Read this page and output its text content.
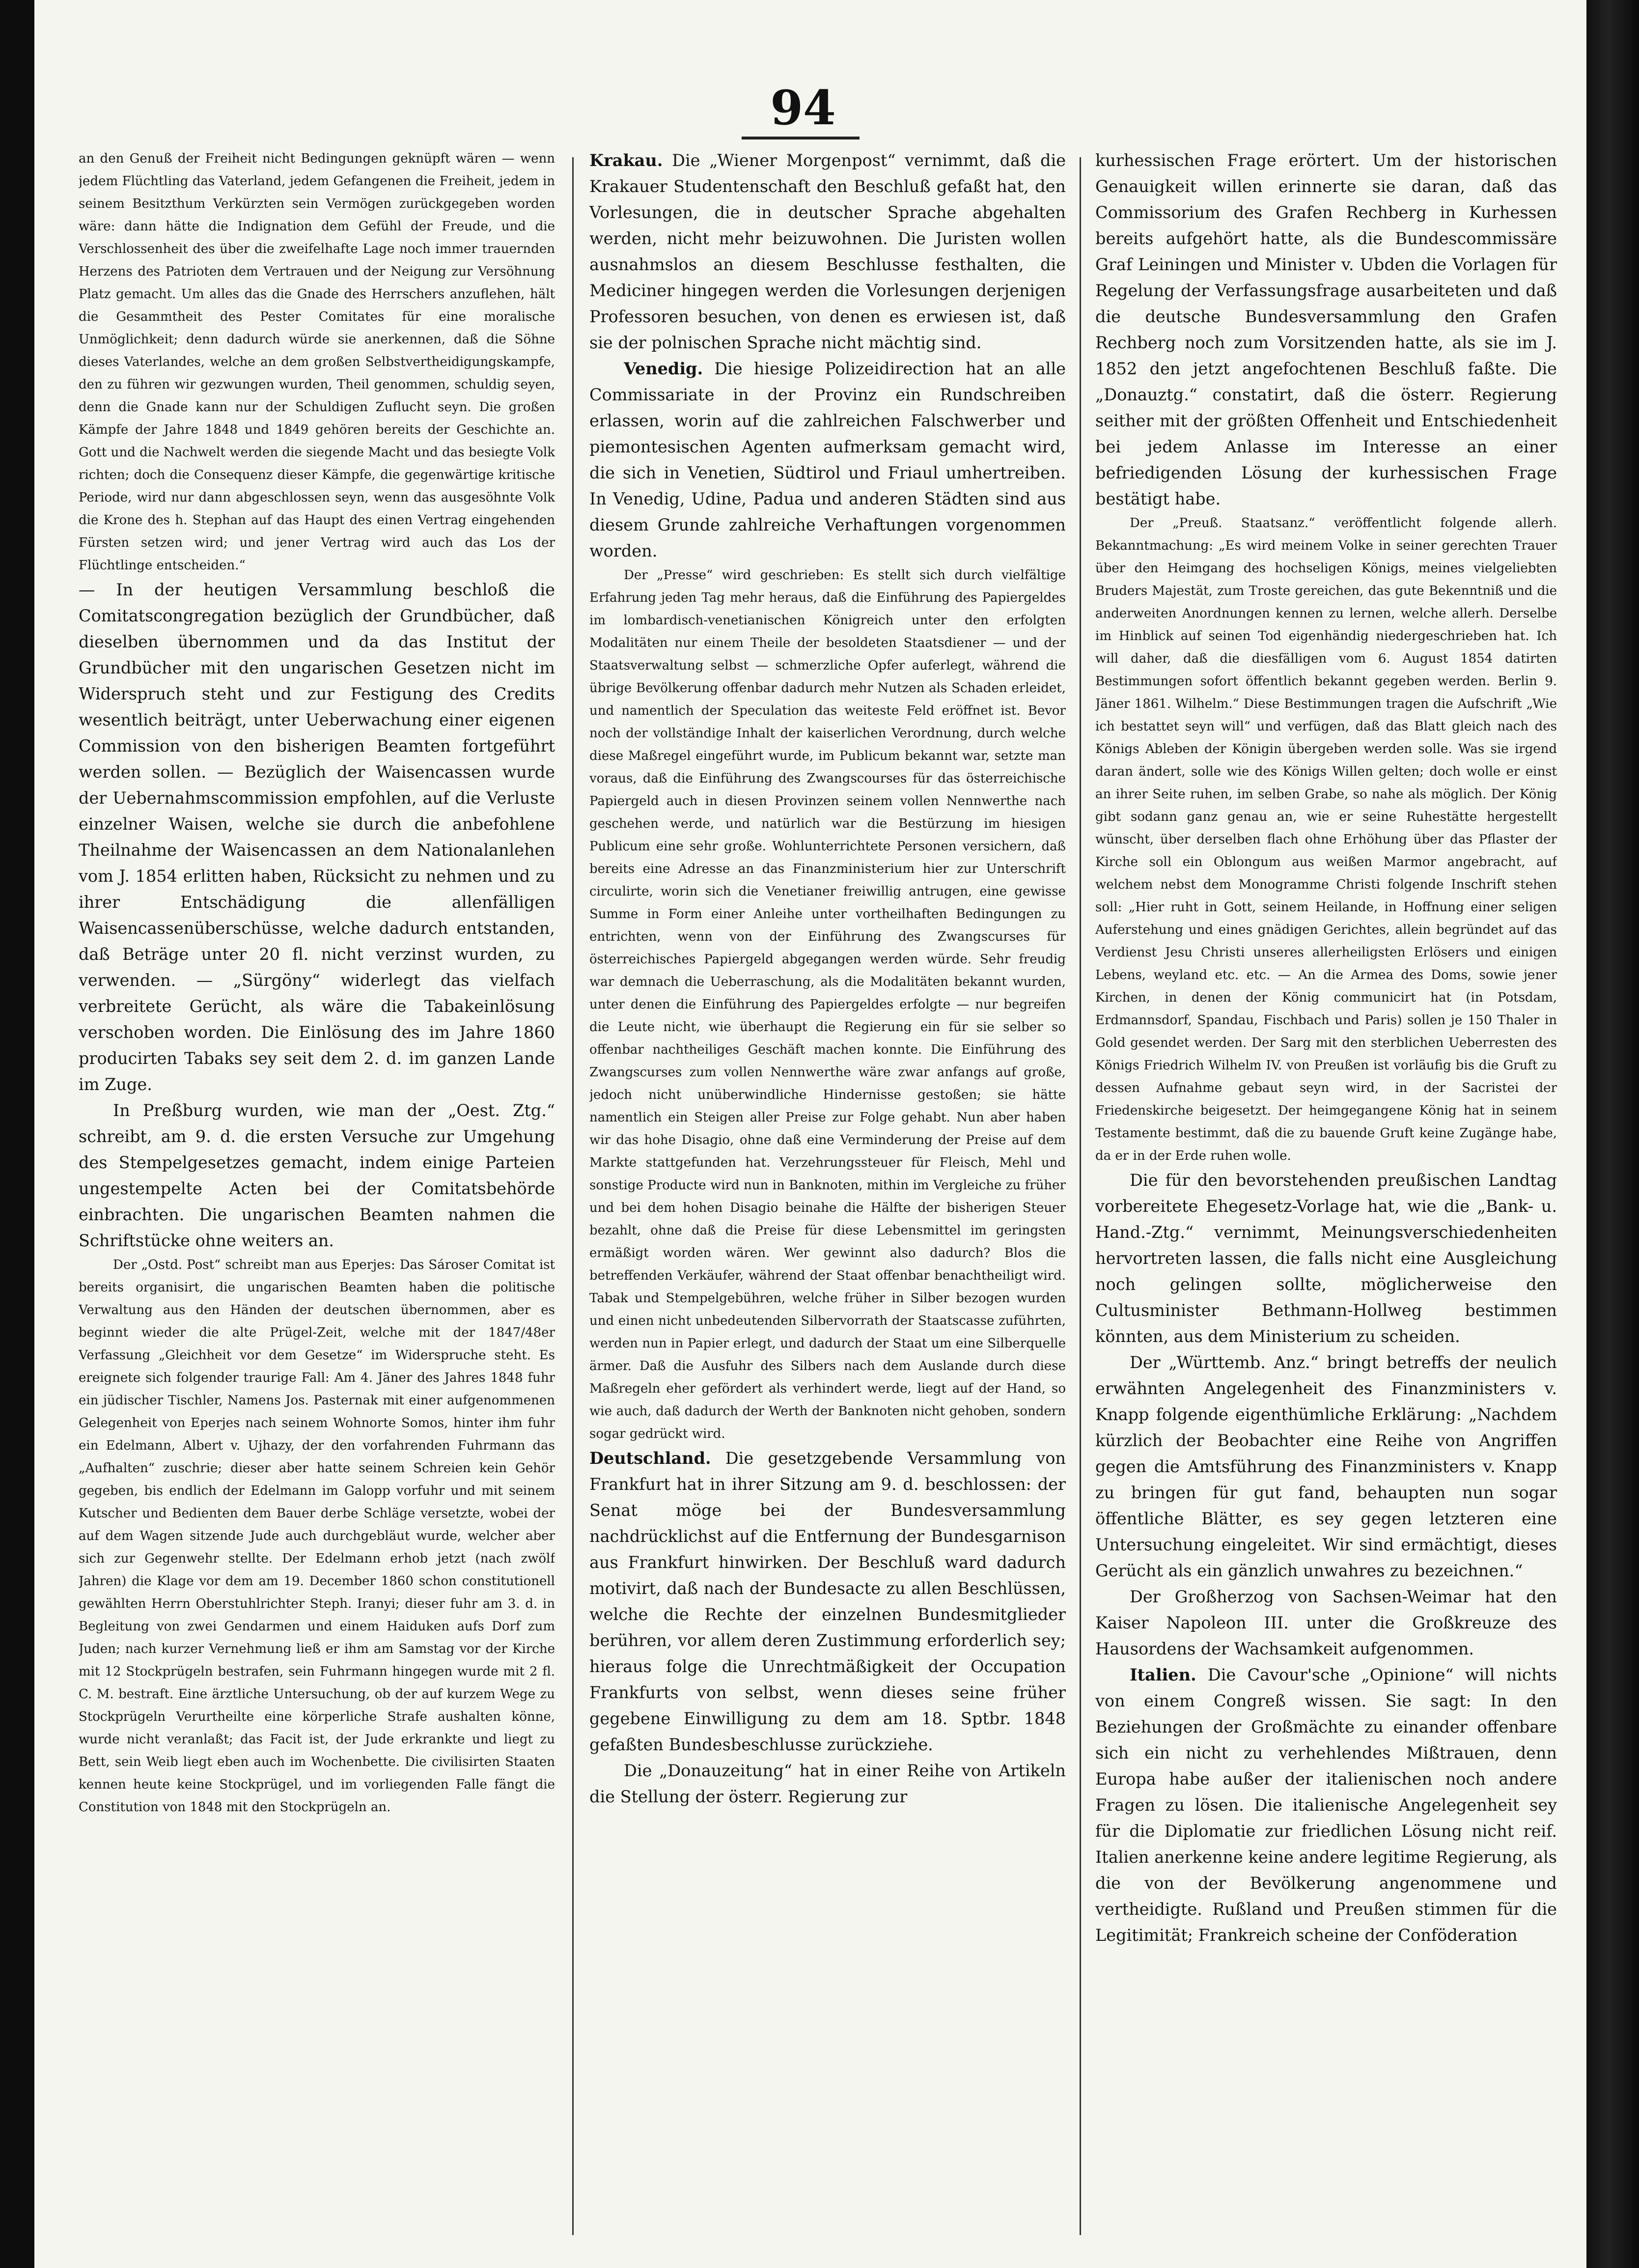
94

an den Genuß der Freiheit nicht Bedingungen geknüpft wären — wenn jedem Flüchtling das Vaterland, jedem Gefangenen die Freiheit, jedem in seinem Besitzthum Verkürzten sein Vermögen zurückgegeben worden wäre: dann hätte die Indignation dem Gefühl der Freude, und die Verschlossenheit des über die zweifelhafte Lage noch immer trauernden Herzens des Patrioten dem Vertrauen und der Neigung zur Versöhnung Platz gemacht. Um alles das die Gnade des Herrschers anzuflehen, hält die Gesammtheit des Pester Comitates für eine moralische Unmöglichkeit; denn dadurch würde sie anerkennen, daß die Söhne dieses Vaterlandes, welche an dem großen Selbstvertheidigungskampfe, den zu führen wir gezwungen wurden, Theil genommen, schuldig seyen, denn die Gnade kann nur der Schuldigen Zuflucht seyn. Die großen Kämpfe der Jahre 1848 und 1849 gehören bereits der Geschichte an. Gott und die Nachwelt werden die siegende Macht und das besiegte Volk richten; doch die Consequenz dieser Kämpfe, die gegenwärtige kritische Periode, wird nur dann abgeschlossen seyn, wenn das ausgesöhnte Volk die Krone des h. Stephan auf das Haupt des einen Vertrag eingehenden Fürsten setzen wird; und jener Vertrag wird auch das Los der Flüchtlinge entscheiden.“

— In der heutigen Versammlung beschloß die Comitatscongregation bezüglich der Grundbücher, daß dieselben übernommen und da das Institut der Grundbücher mit den ungarischen Gesetzen nicht im Widerspruch steht und zur Festigung des Credits wesentlich beiträgt, unter Ueberwachung einer eigenen Commission von den bisherigen Beamten fortgeführt werden sollen. — Bezüglich der Waisencassen wurde der Uebernahmscommission empfohlen, auf die Verluste einzelner Waisen, welche sie durch die anbefohlene Theilnahme der Waisencassen an dem Nationalanlehen vom J. 1854 erlitten haben, Rücksicht zu nehmen und zu ihrer Entschädigung die allenfälligen Waisencassenüberschüsse, welche dadurch entstanden, daß Beträge unter 20 fl. nicht verzinst wurden, zu verwenden. — „Sürgöny“ widerlegt das vielfach verbreitete Gerücht, als wäre die Tabakeinlösung verschoben worden. Die Einlösung des im Jahre 1860 producirten Tabaks sey seit dem 2. d. im ganzen Lande im Zuge.

In Preßburg wurden, wie man der „Oest. Ztg.“ schreibt, am 9. d. die ersten Versuche zur Umgehung des Stempelgesetzes gemacht, indem einige Parteien ungestempelte Acten bei der Comitatsbehörde einbrachten. Die ungarischen Beamten nahmen die Schriftstücke ohne weiters an.

Der „Ostd. Post“ schreibt man aus Eperjes: Das Sároser Comitat ist bereits organisirt, die ungarischen Beamten haben die politische Verwaltung aus den Händen der deutschen übernommen, aber es beginnt wieder die alte Prügel-Zeit, welche mit der 1847/48er Verfassung „Gleichheit vor dem Gesetze“ im Widerspruche steht. Es ereignete sich folgender traurige Fall: Am 4. Jäner des Jahres 1848 fuhr ein jüdischer Tischler, Namens Jos. Pasternak mit einer aufgenommenen Gelegenheit von Eperjes nach seinem Wohnorte Somos, hinter ihm fuhr ein Edelmann, Albert v. Ujhazy, der den vorfahrenden Fuhrmann das „Aufhalten“ zuschrie; dieser aber hatte seinem Schreien kein Gehör gegeben, bis endlich der Edelmann im Galopp vorfuhr und mit seinem Kutscher und Bedienten dem Bauer derbe Schläge versetzte, wobei der auf dem Wagen sitzende Jude auch durchgebläut wurde, welcher aber sich zur Gegenwehr stellte. Der Edelmann erhob jetzt (nach zwölf Jahren) die Klage vor dem am 19. December 1860 schon constitutionell gewählten Herrn Oberstuhlrichter Steph. Iranyi; dieser fuhr am 3. d. in Begleitung von zwei Gendarmen und einem Haiduken aufs Dorf zum Juden; nach kurzer Vernehmung ließ er ihm am Samstag vor der Kirche mit 12 Stockprügeln bestrafen, sein Fuhrmann hingegen wurde mit 2 fl. C. M. bestraft. Eine ärztliche Untersuchung, ob der auf kurzem Wege zu Stockprügeln Verurtheilte eine körperliche Strafe aushalten könne, wurde nicht veranlaßt; das Facit ist, der Jude erkrankte und liegt zu Bett, sein Weib liegt eben auch im Wochenbette. Die civilisirten Staaten kennen heute keine Stockprügel, und im vorliegenden Falle fängt die Constitution von 1848 mit den Stockprügeln an.

Krakau. Die „Wiener Morgenpost“ vernimmt, daß die Krakauer Studentenschaft den Beschluß gefaßt hat, den Vorlesungen, die in deutscher Sprache abgehalten werden, nicht mehr beizuwohnen. Die Juristen wollen ausnahmslos an diesem Beschlusse festhalten, die Mediciner hingegen werden die Vorlesungen derjenigen Professoren besuchen, von denen es erwiesen ist, daß sie der polnischen Sprache nicht mächtig sind.

Venedig. Die hiesige Polizeidirection hat an alle Commissariate in der Provinz ein Rundschreiben erlassen, worin auf die zahlreichen Falschwerber und piemontesischen Agenten aufmerksam gemacht wird, die sich in Venetien, Südtirol und Friaul umhertreiben. In Venedig, Udine, Padua und anderen Städten sind aus diesem Grunde zahlreiche Verhaftungen vorgenommen worden.

Der „Presse“ wird geschrieben: Es stellt sich durch vielfältige Erfahrung jeden Tag mehr heraus, daß die Einführung des Papiergeldes im lombardisch-venetianischen Königreich unter den erfolgten Modalitäten nur einem Theile der besoldeten Staatsdiener — und der Staatsverwaltung selbst — schmerzliche Opfer auferlegt, während die übrige Bevölkerung offenbar dadurch mehr Nutzen als Schaden erleidet, und namentlich der Speculation das weiteste Feld eröffnet ist. Bevor noch der vollständige Inhalt der kaiserlichen Verordnung, durch welche diese Maßregel eingeführt wurde, im Publicum bekannt war, setzte man voraus, daß die Einführung des Zwangscourses für das österreichische Papiergeld auch in diesen Provinzen seinem vollen Nennwerthe nach geschehen werde, und natürlich war die Bestürzung im hiesigen Publicum eine sehr große. Wohlunterrichtete Personen versichern, daß bereits eine Adresse an das Finanzministerium hier zur Unterschrift circulirte, worin sich die Venetianer freiwillig antrugen, eine gewisse Summe in Form einer Anleihe unter vortheilhaften Bedingungen zu entrichten, wenn von der Einführung des Zwangscurses für österreichisches Papiergeld abgegangen werden würde. Sehr freudig war demnach die Ueberraschung, als die Modalitäten bekannt wurden, unter denen die Einführung des Papiergeldes erfolgte — nur begreifen die Leute nicht, wie überhaupt die Regierung ein für sie selber so offenbar nachtheiliges Geschäft machen konnte. Die Einführung des Zwangscurses zum vollen Nennwerthe wäre zwar anfangs auf große, jedoch nicht unüberwindliche Hindernisse gestoßen; sie hätte namentlich ein Steigen aller Preise zur Folge gehabt. Nun aber haben wir das hohe Disagio, ohne daß eine Verminderung der Preise auf dem Markte stattgefunden hat. Verzehrungssteuer für Fleisch, Mehl und sonstige Producte wird nun in Banknoten, mithin im Vergleiche zu früher und bei dem hohen Disagio beinahe die Hälfte der bisherigen Steuer bezahlt, ohne daß die Preise für diese Lebensmittel im geringsten ermäßigt worden wären. Wer gewinnt also dadurch? Blos die betreffenden Verkäufer, während der Staat offenbar benachtheiligt wird. Tabak und Stempelgebühren, welche früher in Silber bezogen wurden und einen nicht unbedeutenden Silbervorrath der Staatscasse zuführten, werden nun in Papier erlegt, und dadurch der Staat um eine Silberquelle ärmer. Daß die Ausfuhr des Silbers nach dem Auslande durch diese Maßregeln eher gefördert als verhindert werde, liegt auf der Hand, so wie auch, daß dadurch der Werth der Banknoten nicht gehoben, sondern sogar gedrückt wird.

Deutschland. Die gesetzgebende Versammlung von Frankfurt hat in ihrer Sitzung am 9. d. beschlossen: der Senat möge bei der Bundesversammlung nachdrücklichst auf die Entfernung der Bundesgarnison aus Frankfurt hinwirken. Der Beschluß ward dadurch motivirt, daß nach der Bundesacte zu allen Beschlüssen, welche die Rechte der einzelnen Bundesmitglieder berühren, vor allem deren Zustimmung erforderlich sey; hieraus folge die Unrechtmäßigkeit der Occupation Frankfurts von selbst, wenn dieses seine früher gegebene Einwilligung zu dem am 18. Sptbr. 1848 gefaßten Bundesbeschlusse zurückziehe.

Die „Donauzeitung“ hat in einer Reihe von Artikeln die Stellung der österr. Regierung zur

kurhessischen Frage erörtert. Um der historischen Genauigkeit willen erinnerte sie daran, daß das Commissorium des Grafen Rechberg in Kurhessen bereits aufgehört hatte, als die Bundescommissäre Graf Leiningen und Minister v. Ubden die Vorlagen für Regelung der Verfassungsfrage ausarbeiteten und daß die deutsche Bundesversammlung den Grafen Rechberg noch zum Vorsitzenden hatte, als sie im J. 1852 den jetzt angefochtenen Beschluß faßte. Die „Donauztg.“ constatirt, daß die österr. Regierung seither mit der größten Offenheit und Entschiedenheit bei jedem Anlasse im Interesse an einer befriedigenden Lösung der kurhessischen Frage bestätigt habe.

Der „Preuß. Staatsanz.“ veröffentlicht folgende allerh. Bekanntmachung: „Es wird meinem Volke in seiner gerechten Trauer über den Heimgang des hochseligen Königs, meines vielgeliebten Bruders Majestät, zum Troste gereichen, das gute Bekenntniß und die anderweiten Anordnungen kennen zu lernen, welche allerh. Derselbe im Hinblick auf seinen Tod eigenhändig niedergeschrieben hat. Ich will daher, daß die diesfälligen vom 6. August 1854 datirten Bestimmungen sofort öffentlich bekannt gegeben werden. Berlin 9. Jäner 1861. Wilhelm.“ Diese Bestimmungen tragen die Aufschrift „Wie ich bestattet seyn will“ und verfügen, daß das Blatt gleich nach des Königs Ableben der Königin übergeben werden solle. Was sie irgend daran ändert, solle wie des Königs Willen gelten; doch wolle er einst an ihrer Seite ruhen, im selben Grabe, so nahe als möglich. Der König gibt sodann ganz genau an, wie er seine Ruhestätte hergestellt wünscht, über derselben flach ohne Erhöhung über das Pflaster der Kirche soll ein Oblongum aus weißen Marmor angebracht, auf welchem nebst dem Monogramme Christi folgende Inschrift stehen soll: „Hier ruht in Gott, seinem Heilande, in Hoffnung einer seligen Auferstehung und eines gnädigen Gerichtes, allein begründet auf das Verdienst Jesu Christi unseres allerheiligsten Erlösers und einigen Lebens, weyland etc. etc. — An die Armea des Doms, sowie jener Kirchen, in denen der König communicirt hat (in Potsdam, Erdmannsdorf, Spandau, Fischbach und Paris) sollen je 150 Thaler in Gold gesendet werden. Der Sarg mit den sterblichen Ueberresten des Königs Friedrich Wilhelm IV. von Preußen ist vorläufig bis die Gruft zu dessen Aufnahme gebaut seyn wird, in der Sacristei der Friedenskirche beigesetzt. Der heimgegangene König hat in seinem Testamente bestimmt, daß die zu bauende Gruft keine Zugänge habe, da er in der Erde ruhen wolle.

Die für den bevorstehenden preußischen Landtag vorbereitete Ehegesetz-Vorlage hat, wie die „Bank- u. Hand.-Ztg.“ vernimmt, Meinungsverschiedenheiten hervortreten lassen, die falls nicht eine Ausgleichung noch gelingen sollte, möglicherweise den Cultusminister Bethmann-Hollweg bestimmen könnten, aus dem Ministerium zu scheiden.

Der „Württemb. Anz.“ bringt betreffs der neulich erwähnten Angelegenheit des Finanzministers v. Knapp folgende eigenthümliche Erklärung: „Nachdem kürzlich der Beobachter eine Reihe von Angriffen gegen die Amtsführung des Finanzministers v. Knapp zu bringen für gut fand, behaupten nun sogar öffentliche Blätter, es sey gegen letzteren eine Untersuchung eingeleitet. Wir sind ermächtigt, dieses Gerücht als ein gänzlich unwahres zu bezeichnen.“

Der Großherzog von Sachsen-Weimar hat den Kaiser Napoleon III. unter die Großkreuze des Hausordens der Wachsamkeit aufgenommen.

Italien. Die Cavour'sche „Opinione“ will nichts von einem Congreß wissen. Sie sagt: In den Beziehungen der Großmächte zu einander offenbare sich ein nicht zu verhehlendes Mißtrauen, denn Europa habe außer der italienischen noch andere Fragen zu lösen. Die italienische Angelegenheit sey für die Diplomatie zur friedlichen Lösung nicht reif. Italien anerkenne keine andere legitime Regierung, als die von der Bevölkerung angenommene und vertheidigte. Rußland und Preußen stimmen für die Legitimität; Frankreich scheine der Conföderation
